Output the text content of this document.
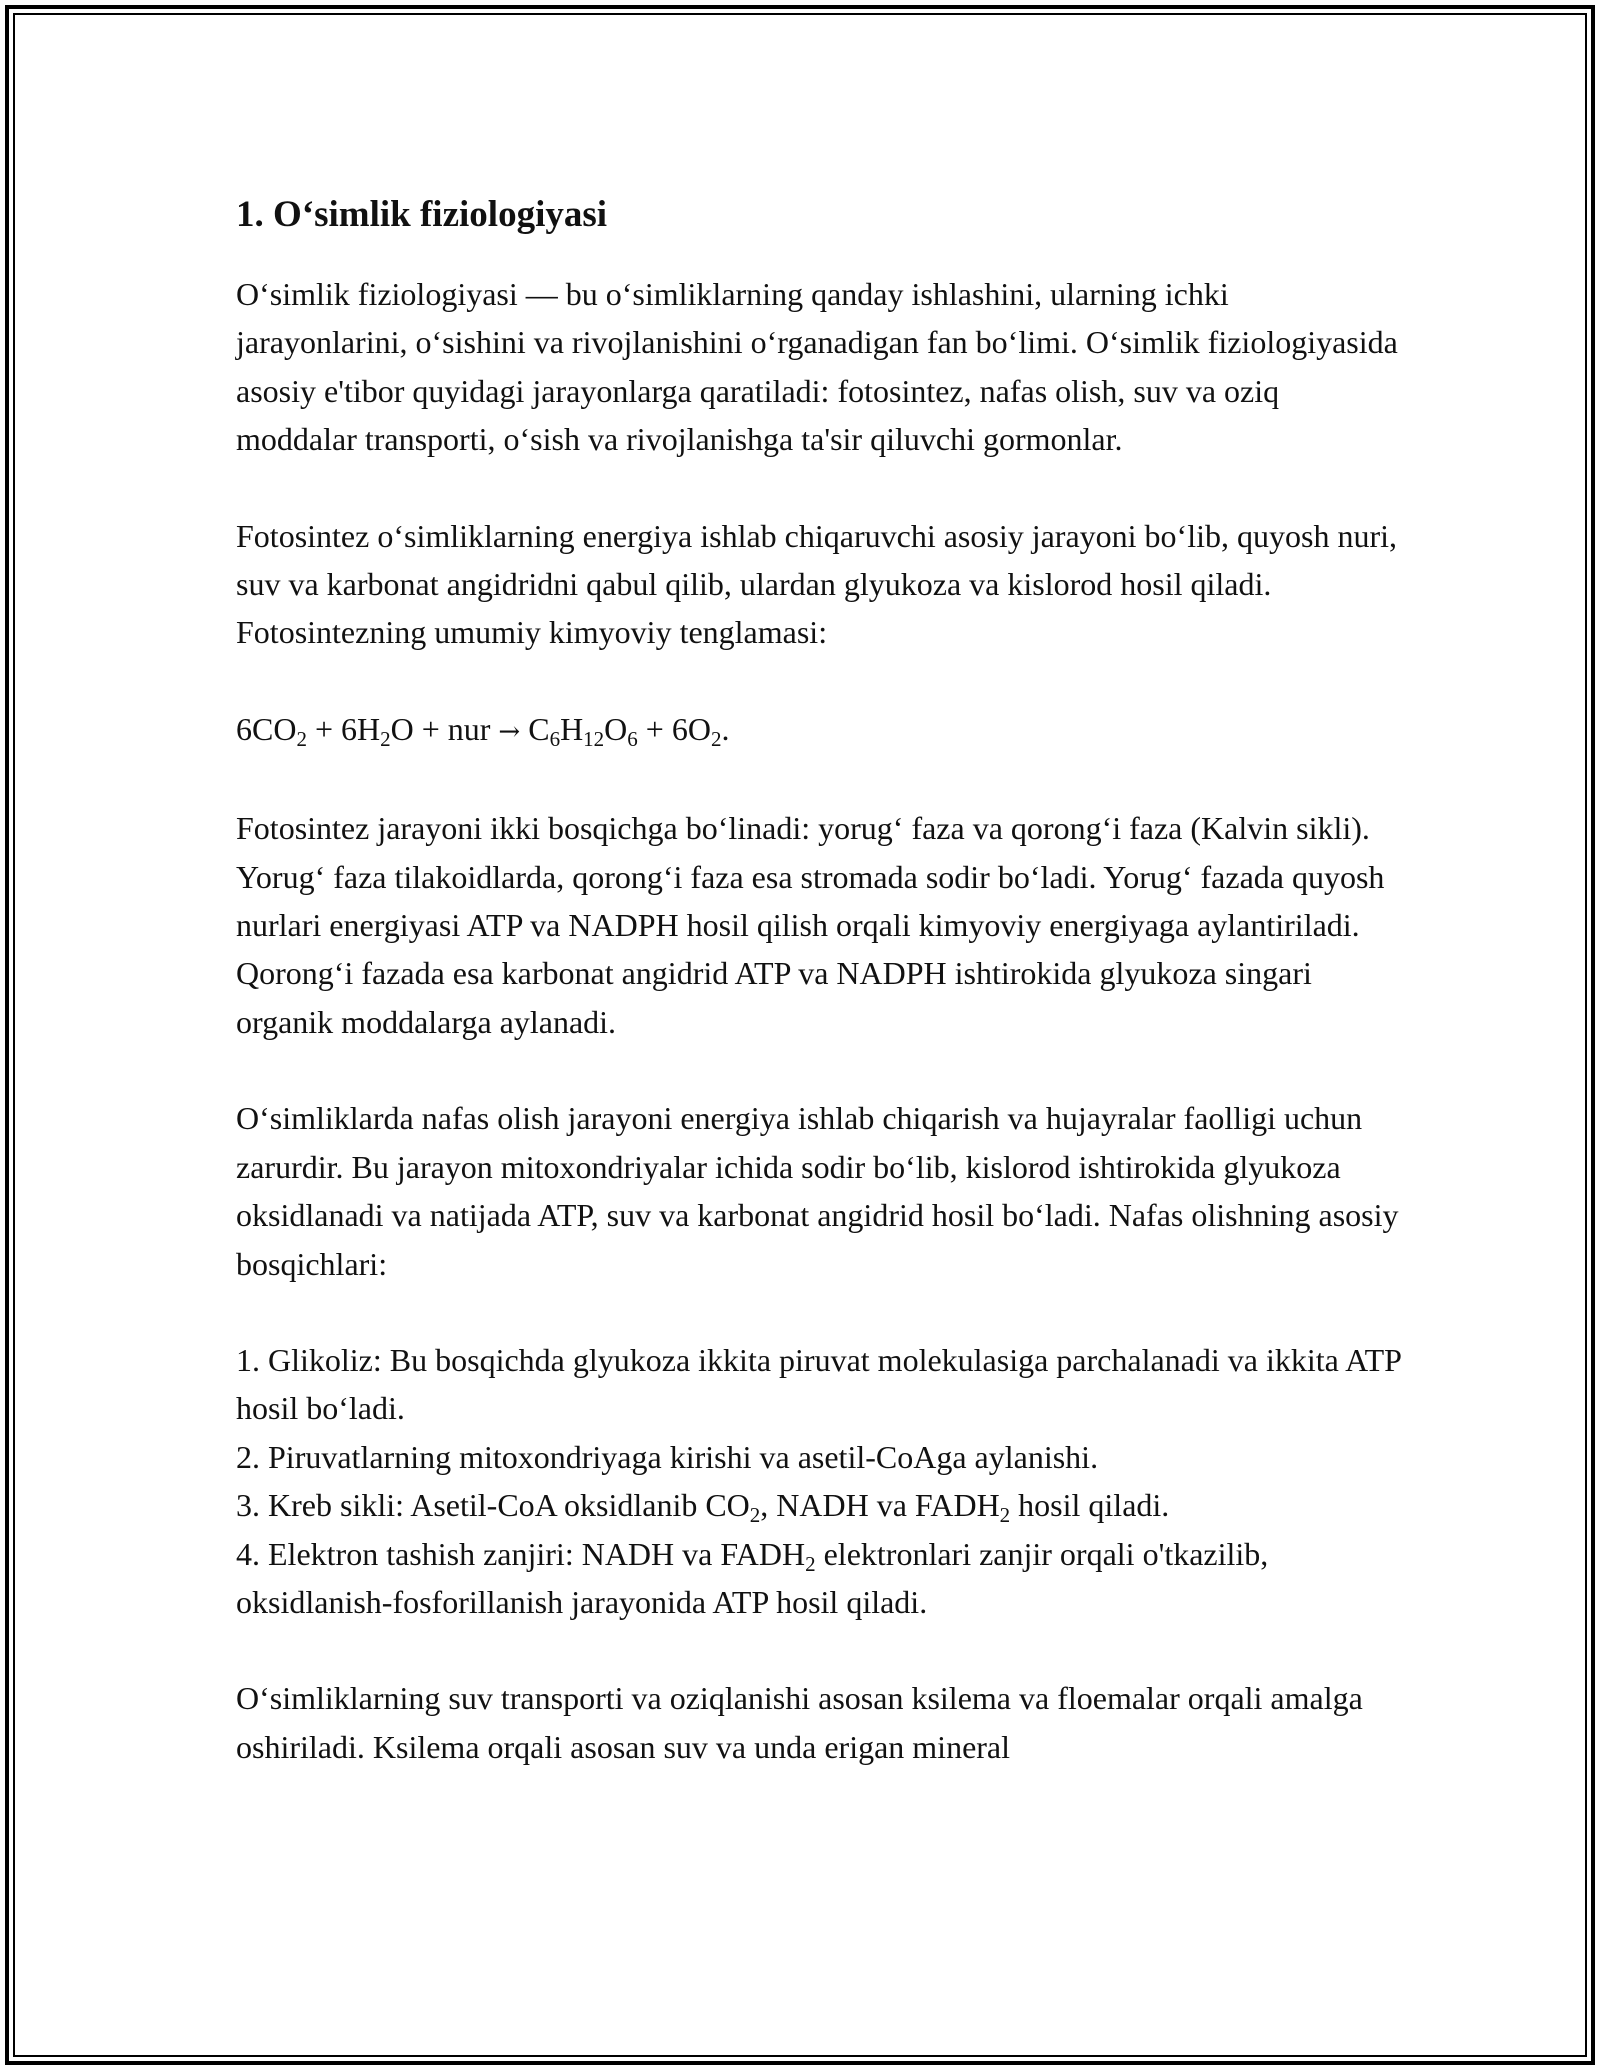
1. O‘simlik fiziologiyasi

O‘simlik fiziologiyasi — bu o‘simliklarning qanday ishlashini, ularning ichki jarayonlarini, o‘sishini va rivojlanishini o‘rganadigan fan bo‘limi. O‘simlik fiziologiyasida asosiy e'tibor quyidagi jarayonlarga qaratiladi: fotosintez, nafas olish, suv va oziq moddalar transporti, o‘sish va rivojlanishga ta'sir qiluvchi gormonlar.

Fotosintez o‘simliklarning energiya ishlab chiqaruvchi asosiy jarayoni bo‘lib, quyosh nuri, suv va karbonat angidridni qabul qilib, ulardan glyukoza va kislorod hosil qiladi. Fotosintezning umumiy kimyoviy tenglamasi:

$6CO_2 + 6H_2O$ + nur → $C_6H_{12}O_6 + 6O_2$.

Fotosintez jarayoni ikki bosqichga bo‘linadi: yorug‘ faza va qorong‘i faza (Kalvin sikli). Yorug‘ faza tilakoidlarda, qorong‘i faza esa stromada sodir bo‘ladi. Yorug‘ fazada quyosh nurlari energiyasi ATP va NADPH hosil qilish orqali kimyoviy energiyaga aylantiriladi. Qorong‘i fazada esa karbonat angidrid ATP va NADPH ishtirokida glyukoza singari organik moddalarga aylanadi.

O‘simliklarda nafas olish jarayoni energiya ishlab chiqarish va hujayralar faolligi uchun zarurdir. Bu jarayon mitoxondriyalar ichida sodir bo‘lib, kislorod ishtirokida glyukoza oksidlanadi va natijada ATP, suv va karbonat angidrid hosil bo‘ladi. Nafas olishning asosiy bosqichlari:

1. Glikoliz: Bu bosqichda glyukoza ikkita piruvat molekulasiga parchalanadi va ikkita ATP hosil bo‘ladi.

2. Piruvatlarning mitoxondriyaga kirishi va asetil-CoAga aylanishi.

3. Kreb sikli: Asetil-CoA oksidlanib $CO_2$, NADH va $FADH_2$ hosil qiladi.

4. Elektron tashish zanjiri: NADH va $FADH_2$ elektronlari zanjir orqali o'tkazilib, oksidlanish-fosforillanish jarayonida ATP hosil qiladi.

O‘simliklarning suv transporti va oziqlanishi asosan ksilema va floemalar orqali amalga oshiriladi. Ksilema orqali asosan suv va unda erigan mineral
